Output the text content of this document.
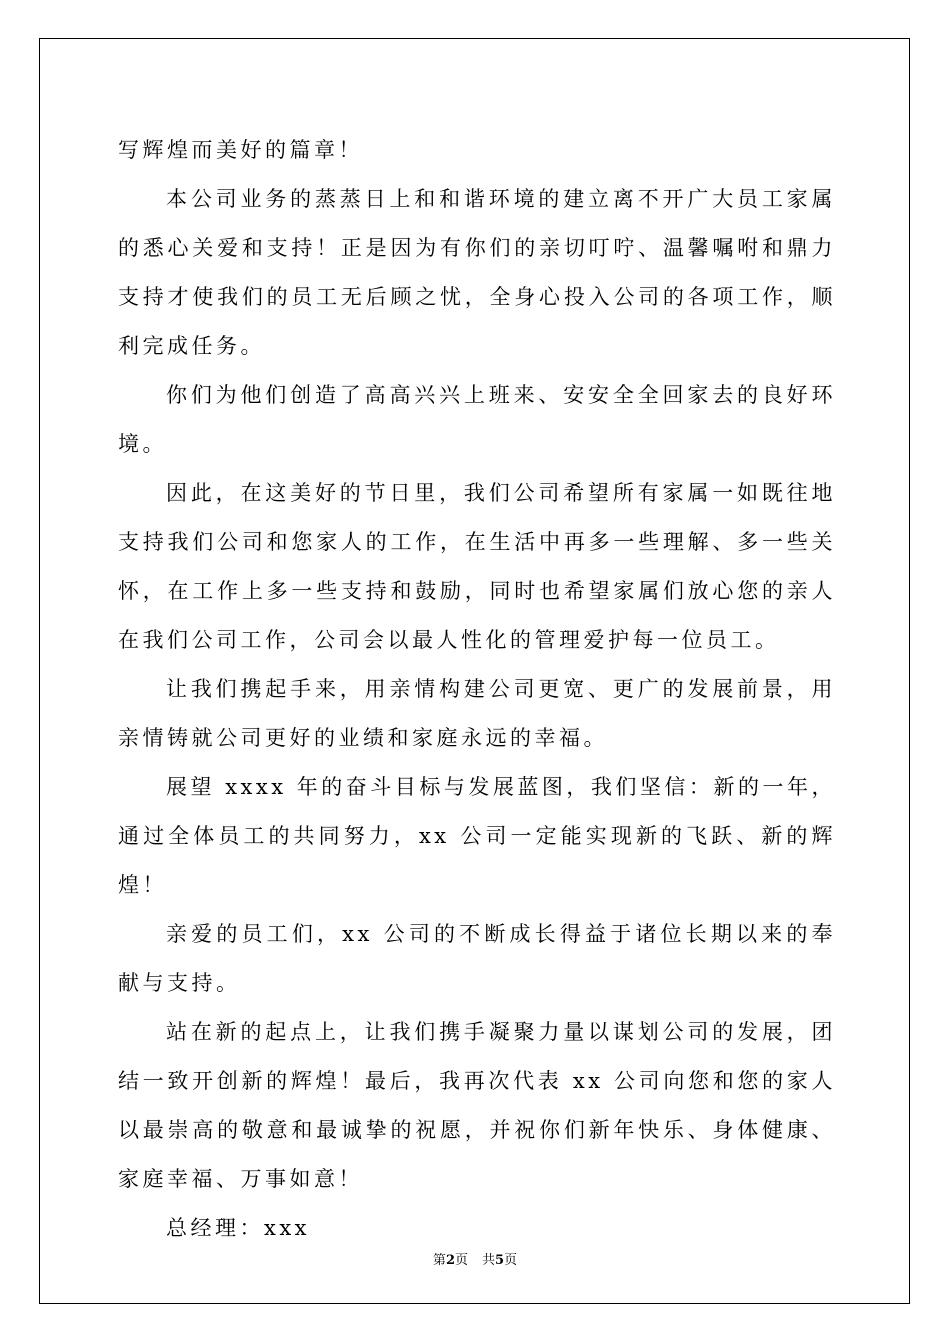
写辉煌而美好的篇章！

本公司业务的蒸蒸日上和和谐环境的建立离不开广大员工家属的悉心关爱和支持！正是因为有你们的亲切叮咛、温馨嘱咐和鼎力支持才使我们的员工无后顾之忧，全身心投入公司的各项工作，顺利完成任务。

你们为他们创造了高高兴兴上班来、安安全全回家去的良好环境。

因此，在这美好的节日里，我们公司希望所有家属一如既往地支持我们公司和您家人的工作，在生活中再多一些理解、多一些关怀，在工作上多一些支持和鼓励，同时也希望家属们放心您的亲人在我们公司工作，公司会以最人性化的管理爱护每一位员工。

让我们携起手来，用亲情构建公司更宽、更广的发展前景，用亲情铸就公司更好的业绩和家庭永远的幸福。

展望 xxxx 年的奋斗目标与发展蓝图，我们坚信：新的一年，通过全体员工的共同努力，xx 公司一定能实现新的飞跃、新的辉煌！

亲爱的员工们，xx 公司的不断成长得益于诸位长期以来的奉献与支持。

站在新的起点上，让我们携手凝聚力量以谋划公司的发展，团结一致开创新的辉煌！最后，我再次代表 xx 公司向您和您的家人以最崇高的敬意和最诚挚的祝愿，并祝你们新年快乐、身体健康、家庭幸福、万事如意！

总经理：xxx

第2页 共5页
